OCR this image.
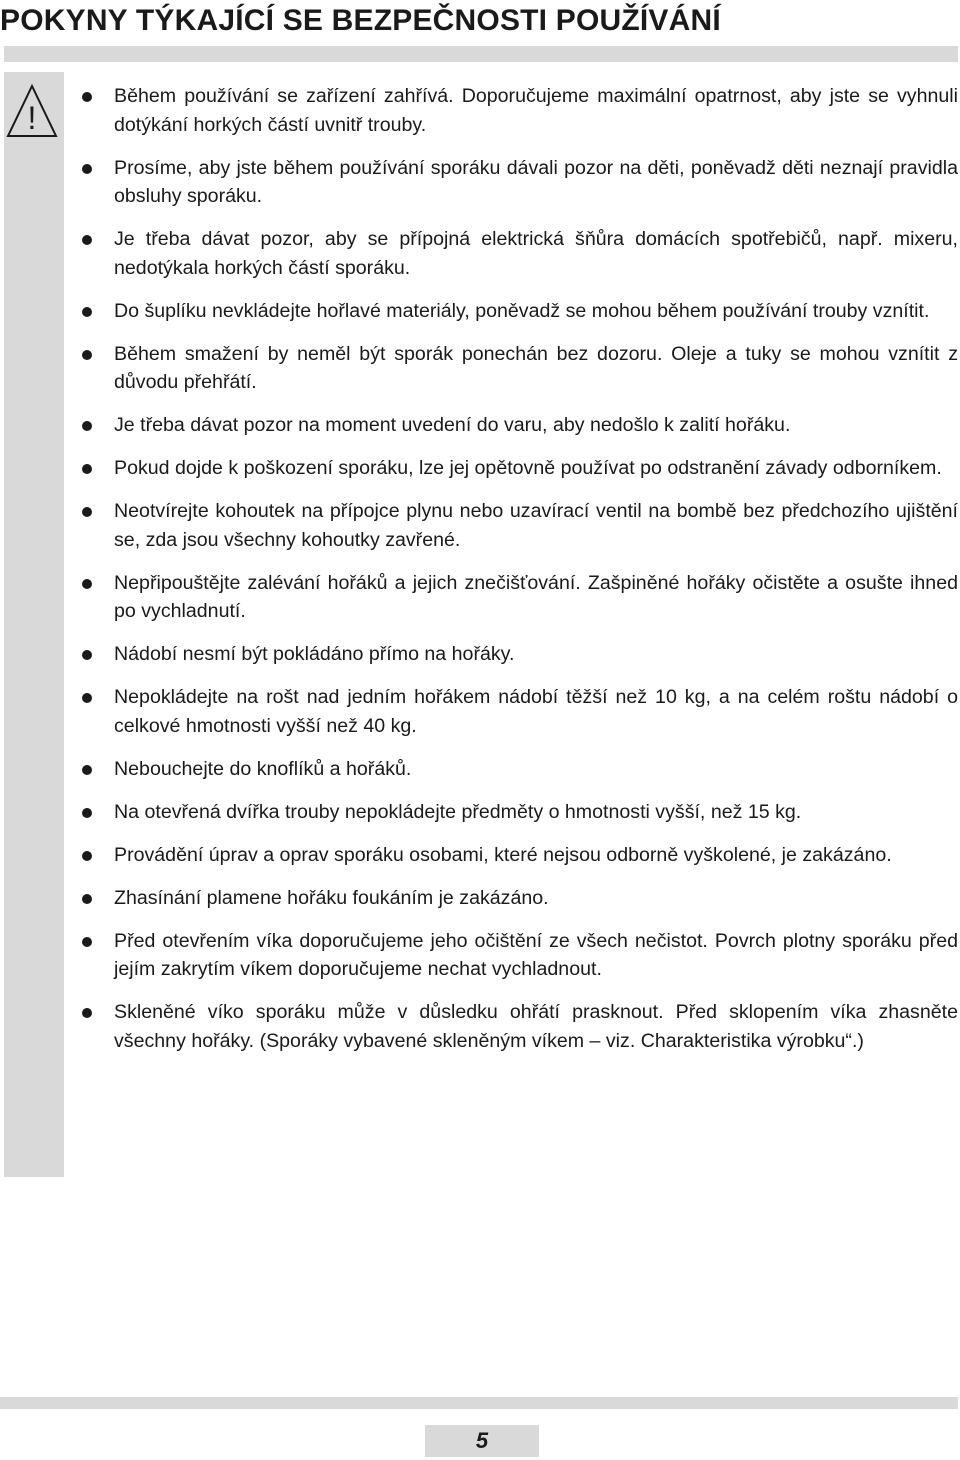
POKYNY TÝKAJÍCÍ SE BEZPEČNOSTI POUŽÍVÁNÍ
!
Během používání se zařízení zahřívá. Doporučujeme maximální opatrnost, aby jste se vyhnuli dotýkání horkých částí uvnitř trouby.
Prosíme, aby jste během používání sporáku dávali pozor na děti, poněvadž děti neznají pravidla obsluhy sporáku.
Je třeba dávat pozor, aby se přípojná elektrická šňůra domácích spotřebičů, např. mixeru, nedotýkala horkých částí sporáku.
Do šuplíku nevkládejte hořlavé materiály, poněvadž se mohou během používání trouby vznítit.
Během smažení by neměl být sporák ponechán bez dozoru. Oleje a tuky se mohou vznítit z důvodu přehřátí.
Je třeba dávat pozor na moment uvedení do varu, aby nedošlo k zalití hořáku.
Pokud dojde k poškození sporáku, lze jej opětovně používat po odstranění závady odborníkem.
Neotvírejte kohoutek na přípojce plynu nebo uzavírací ventil na bombě bez předchozího ujištění se, zda jsou všechny kohoutky zavřené.
Nepřipouštějte zalévání hořáků a jejich znečišťování. Zašpiněné hořáky očistěte a osušte ihned po vychladnutí.
Nádobí nesmí být pokládáno přímo na hořáky.
Nepokládejte na rošt nad jedním hořákem nádobí těžší než 10 kg, a na celém roštu nádobí o celkové hmotnosti vyšší než 40 kg.
Nebouchejte do knoflíků a hořáků.
Na otevřená dvířka trouby nepokládejte předměty o hmotnosti vyšší, než 15 kg.
Provádění úprav a oprav sporáku osobami, které nejsou odborně vyškolené, je zakázáno.
Zhasínání plamene hořáku foukáním je zakázáno.
Před otevřením víka doporučujeme jeho očištění ze všech nečistot. Povrch plotny sporáku před jejím zakrytím víkem doporučujeme nechat vychladnout.
Skleněné víko sporáku může v důsledku ohřátí prasknout. Před sklopením víka zhasněte všechny hořáky. (Sporáky vybavené skleněným víkem – viz. Charakteristika výrobku“.)
5
